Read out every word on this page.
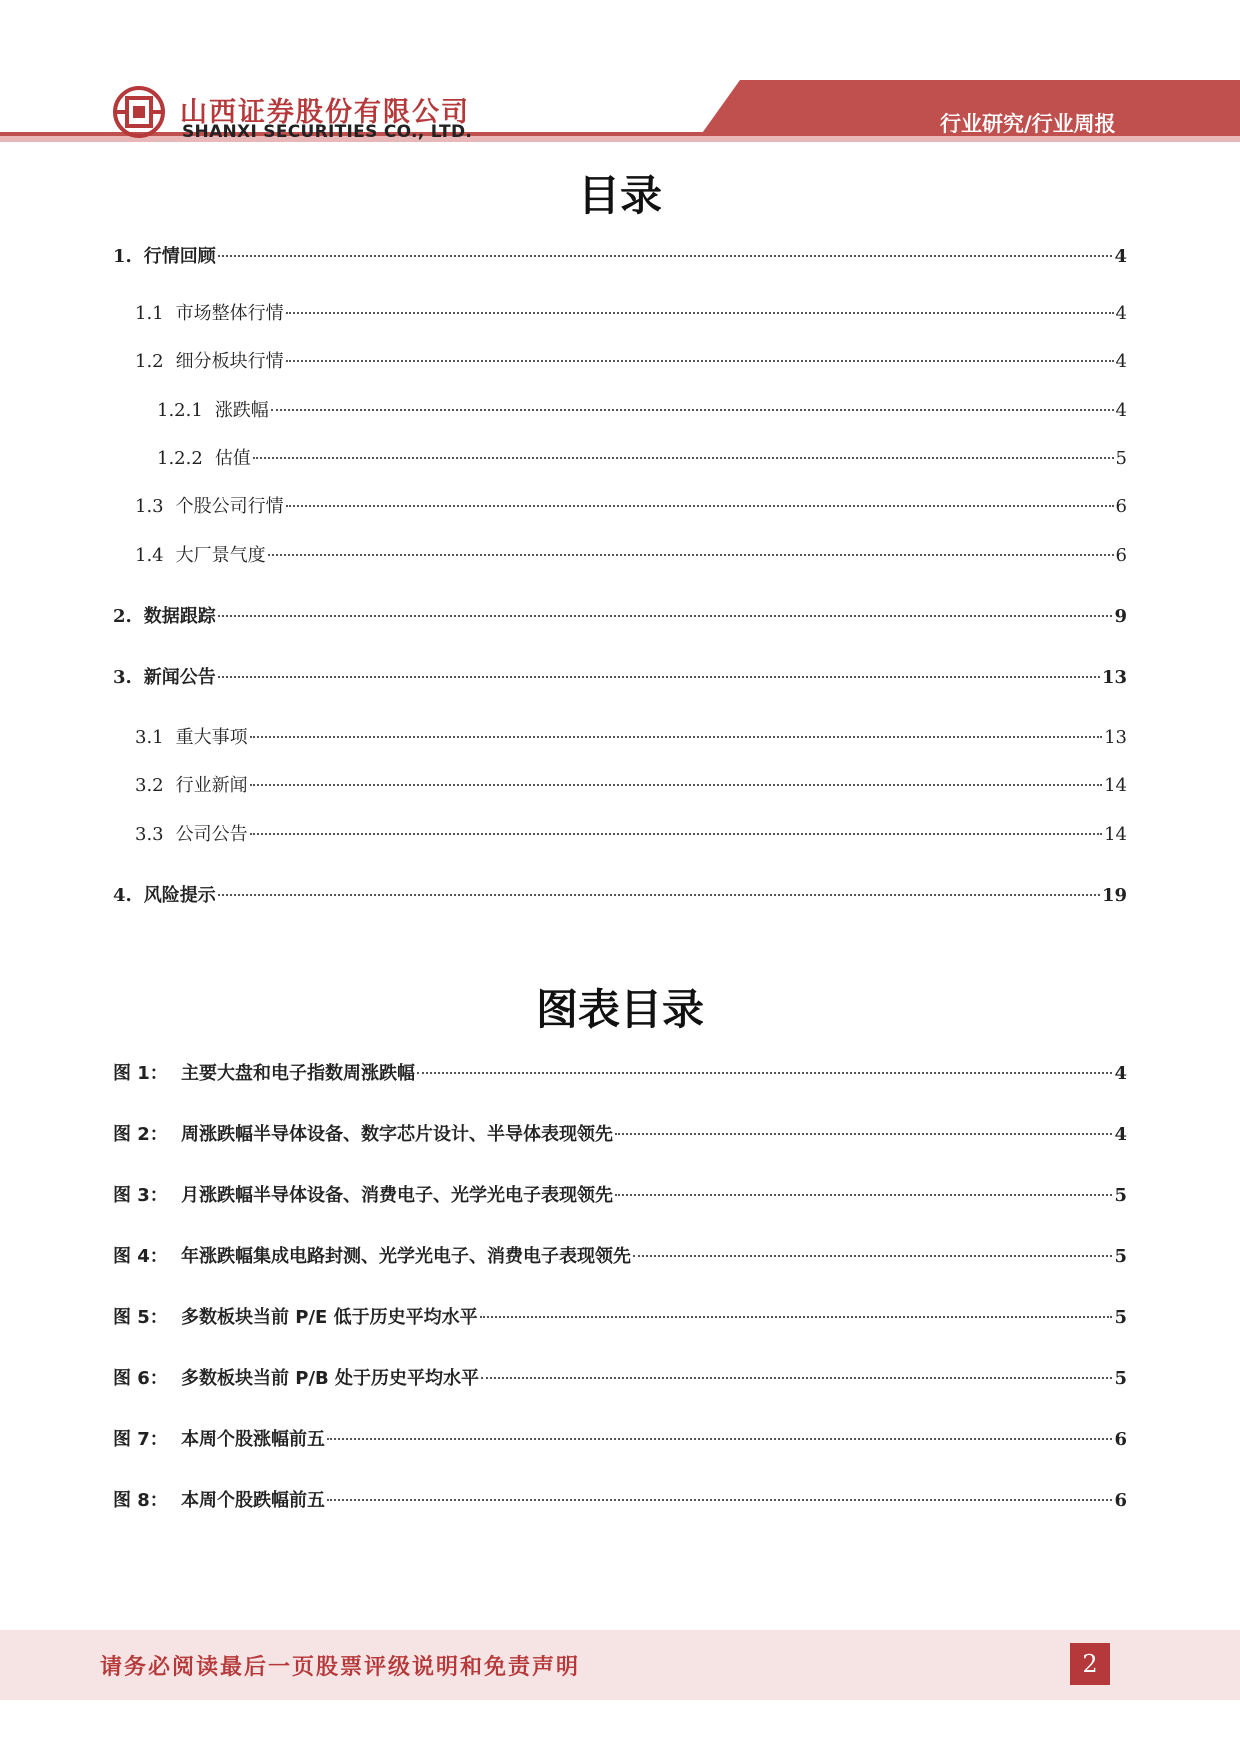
山西证券股份有限公司
SHANXI SECURITIES CO., LTD.	行业研究/行业周报
目录
1. 行情回顾	4
1.1 市场整体行情	4
1.2 细分板块行情	4
1.2.1 涨跌幅	4
1.2.2 估值	5
1.3 个股公司行情	6
1.4 大厂景气度	6
2. 数据跟踪	9
3. 新闻公告	13
3.1 重大事项	13
3.2 行业新闻	14
3.3 公司公告	14
4. 风险提示	19
图表目录
图 1： 主要大盘和电子指数周涨跌幅	4
图 2： 周涨跌幅半导体设备、数字芯片设计、半导体表现领先	4
图 3： 月涨跌幅半导体设备、消费电子、光学光电子表现领先	5
图 4： 年涨跌幅集成电路封测、光学光电子、消费电子表现领先	5
图 5： 多数板块当前 P/E 低于历史平均水平	5
图 6： 多数板块当前 P/B 处于历史平均水平	5
图 7： 本周个股涨幅前五	6
图 8： 本周个股跌幅前五	6
请务必阅读最后一页股票评级说明和免责声明	2
